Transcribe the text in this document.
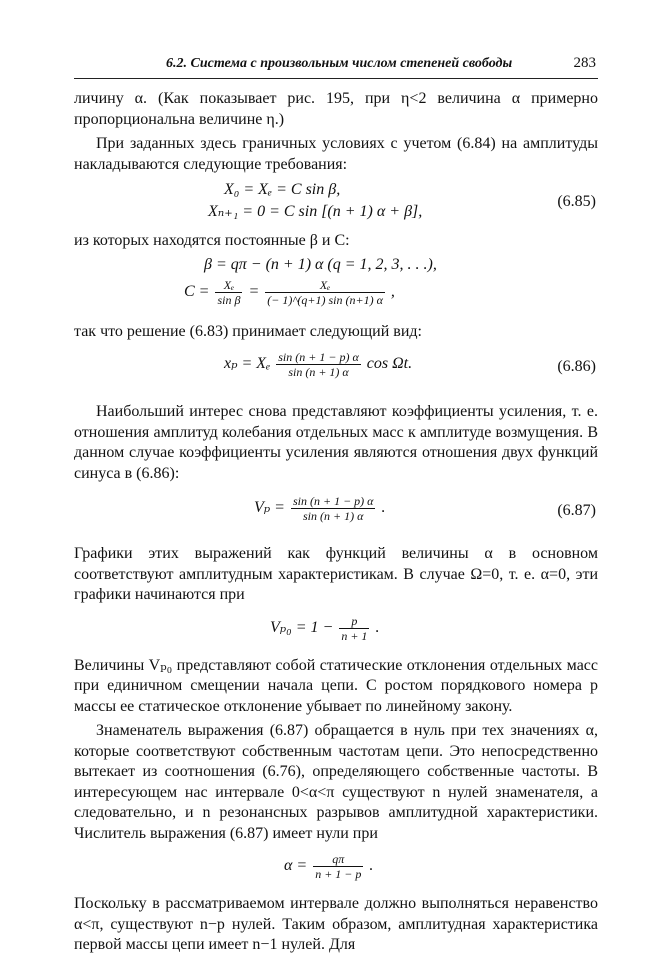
6.2. Система с произвольным числом степеней свободы	283

личину α. (Как показывает рис. 195, при η<2 величина α примерно пропорциональна величине η.)

При заданных здесь граничных условиях с учетом (6.84) на амплитуды накладываются следующие требования:

X₀ = Xₑ = C sin β,
Xₙ₊₁ = 0 = C sin [(n + 1) α + β],
(6.85)

из которых находятся постоянные β и C:

β = qπ − (n + 1) α (q = 1, 2, 3, . . .),
$C = \frac{\text{Xₑ}}{\text{sin β}} = \frac{\text{Xₑ}}{(- 1)\^{}(q+1) \sin (n+1) \alpha}$ ,

так что решение (6.83) принимает следующий вид:

xₚ = Xₑ $\frac{\sin (n + 1 - p) \alpha}{\sin (n + 1) \alpha}$ cos Ωt.	(6.86)

Наибольший интерес снова представляют коэффициенты усиления, т. е. отношения амплитуд колебания отдельных масс к амплитуде возмущения. В данном случае коэффициенты усиления являются отношения двух функций синуса в (6.86):

$V_p = \frac{\sin (n + 1 - p) \alpha}{\sin (n + 1) \alpha}$ .	(6.87)

Графики этих выражений как функций величины α в основном соответствуют амплитудным характеристикам. В случае Ω=0, т. е. α=0, эти графики начинаются при

$V_{p0} = 1 - \frac{p}{n + 1}$ .

Величины Vₚ₀ представляют собой статические отклонения отдельных масс при единичном смещении начала цепи. С ростом порядкового номера p массы ее статическое отклонение убывает по линейному закону.

Знаменатель выражения (6.87) обращается в нуль при тех значениях α, которые соответствуют собственным частотам цепи. Это непосредственно вытекает из соотношения (6.76), определяющего собственные частоты. В интересующем нас интервале 0<α<π существуют n нулей знаменателя, а следовательно, и n резонансных разрывов амплитудной характеристики. Числитель выражения (6.87) имеет нули при

$\alpha = \frac{q\pi}{n + 1 - p}$ .

Поскольку в рассматриваемом интервале должно выполняться неравенство α<π, существуют n−p нулей. Таким образом, амплитудная характеристика первой массы цепи имеет n−1 нулей. Для
